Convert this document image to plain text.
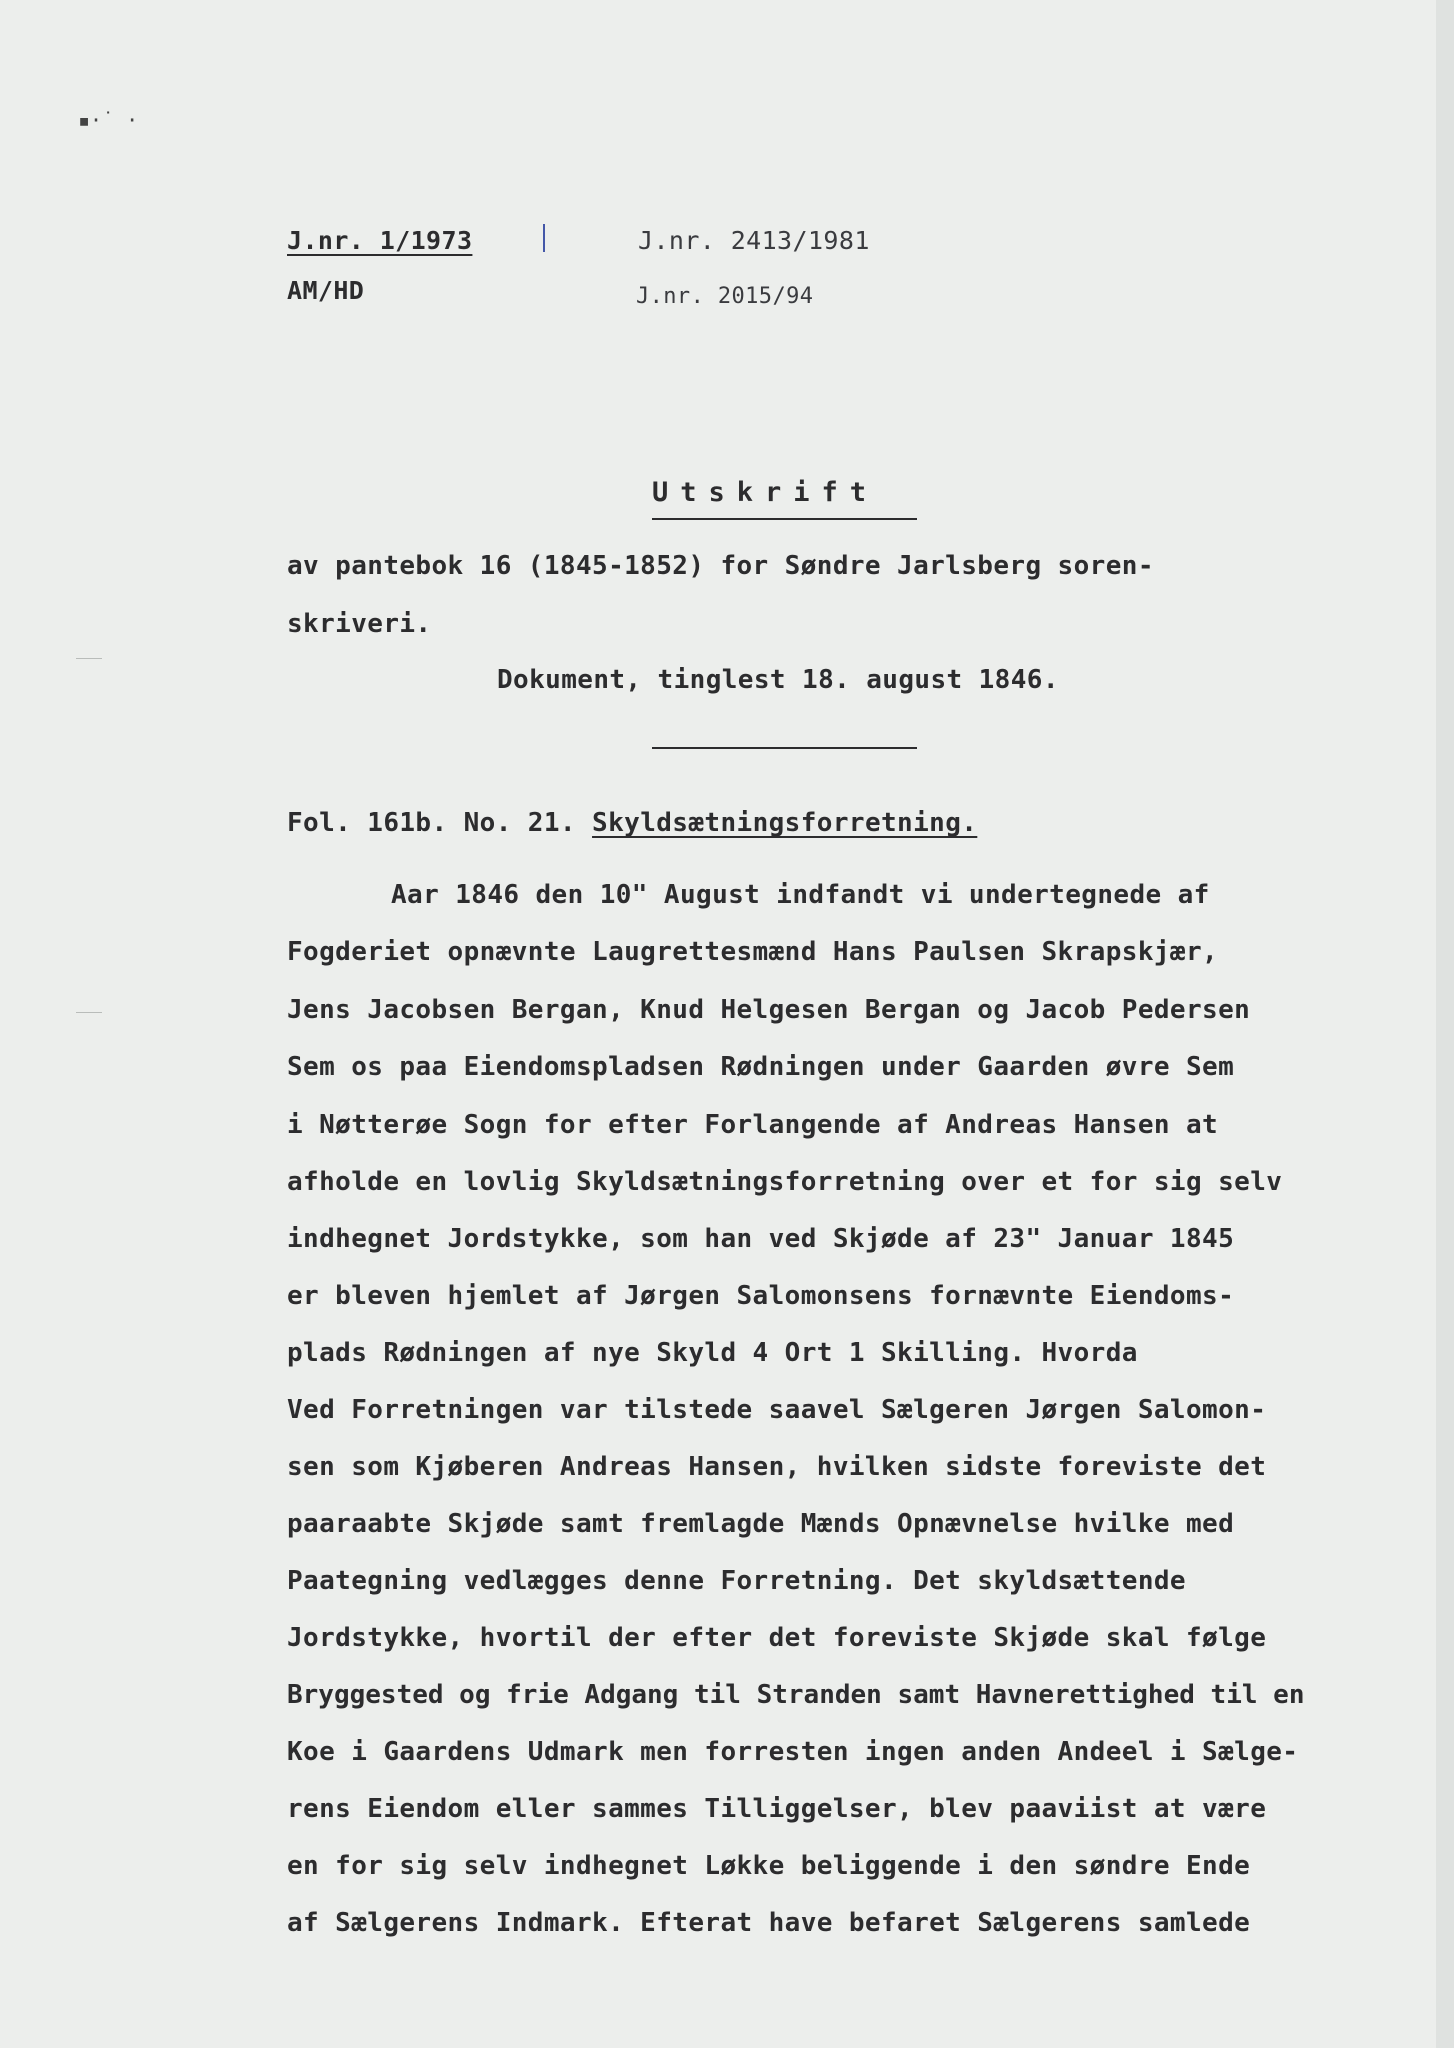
▪·˙ ·
J.nr. 1/1973
AM/HD
J.nr. 2413/1981
J.nr. 2015/94
Utskrift
av pantebok 16 (1845-1852) for Søndre Jarlsberg soren-
skriveri.
Dokument, tinglest 18. august 1846.
Fol. 161b. No. 21. Skyldsætningsforretning.
Aar 1846 den 10" August indfandt vi undertegnede af
Fogderiet opnævnte Laugrettesmænd Hans Paulsen Skrapskjær,
Jens Jacobsen Bergan, Knud Helgesen Bergan og Jacob Pedersen
Sem os paa Eiendomspladsen Rødningen under Gaarden øvre Sem
i Nøtterøe Sogn for efter Forlangende af Andreas Hansen at
afholde en lovlig Skyldsætningsforretning over et for sig selv
indhegnet Jordstykke, som han ved Skjøde af 23" Januar 1845
er bleven hjemlet af Jørgen Salomonsens fornævnte Eiendoms-
plads Rødningen af nye Skyld 4 Ort 1 Skilling. Hvorda
Ved Forretningen var tilstede saavel Sælgeren Jørgen Salomon-
sen som Kjøberen Andreas Hansen, hvilken sidste foreviste det
paaraabte Skjøde samt fremlagde Mænds Opnævnelse hvilke med
Paategning vedlægges denne Forretning. Det skyldsættende
Jordstykke, hvortil der efter det foreviste Skjøde skal følge
Bryggested og frie Adgang til Stranden samt Havnerettighed til en
Koe i Gaardens Udmark men forresten ingen anden Andeel i Sælge-
rens Eiendom eller sammes Tilliggelser, blev paaviist at være
en for sig selv indhegnet Løkke beliggende i den søndre Ende
af Sælgerens Indmark. Efterat have befaret Sælgerens samlede
